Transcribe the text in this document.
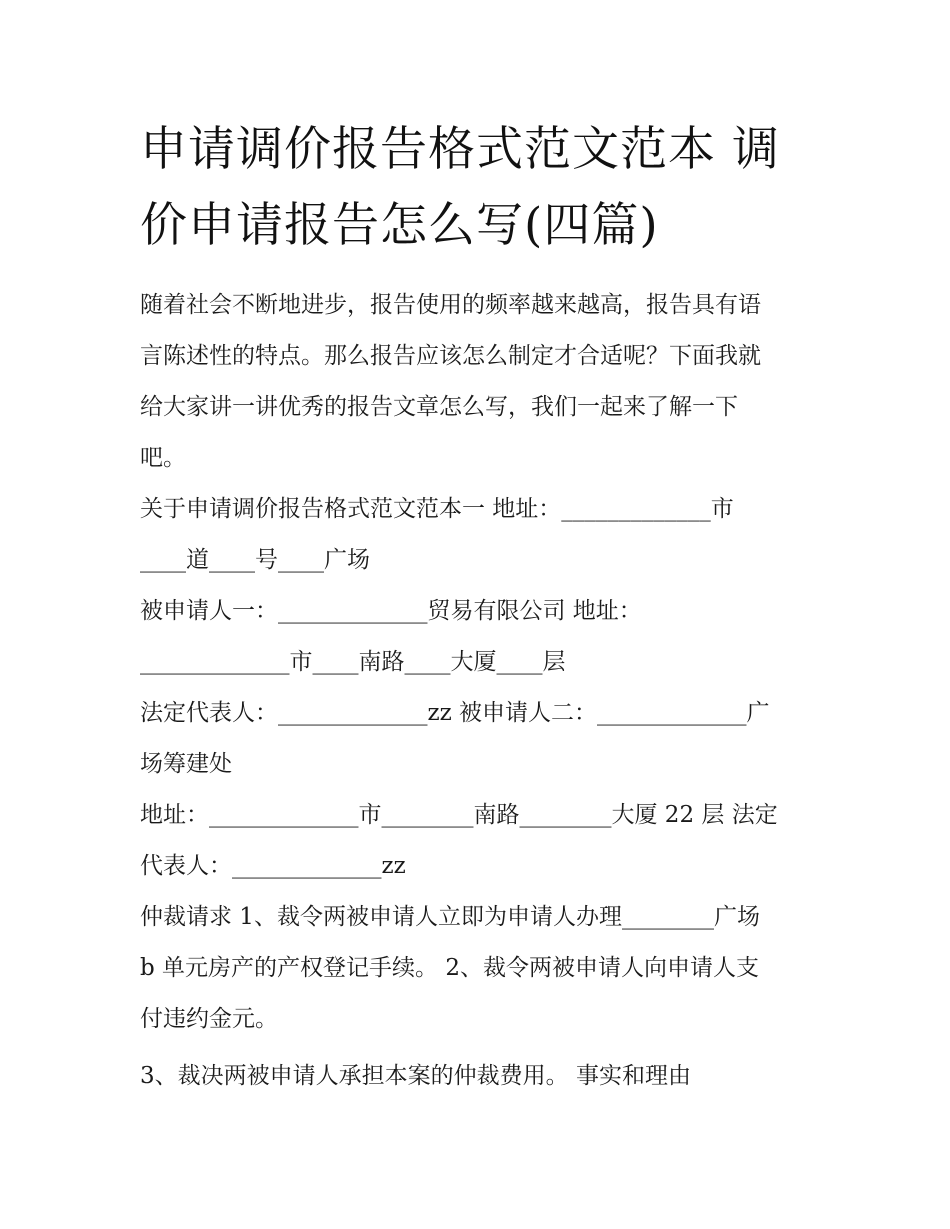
申请调价报告格式范文范本 调
价申请报告怎么写(四篇)
随着社会不断地进步，报告使用的频率越来越高，报告具有语
言陈述性的特点。那么报告应该怎么制定才合适呢？下面我就
给大家讲一讲优秀的报告文章怎么写，我们一起来了解一下
吧。
关于申请调价报告格式范文范本一 地址：_____________市
____道____号____广场
被申请人一：_____________贸易有限公司 地址：
_____________市____南路____大厦____层
法定代表人：_____________zz 被申请人二：_____________广
场筹建处
地址：_____________市________南路________大厦 22 层 法定
代表人：_____________zz
仲裁请求 1、裁令两被申请人立即为申请人办理________广场
b 单元房产的产权登记手续。 2、裁令两被申请人向申请人支
付违约金元。
3、裁决两被申请人承担本案的仲裁费用。 事实和理由
